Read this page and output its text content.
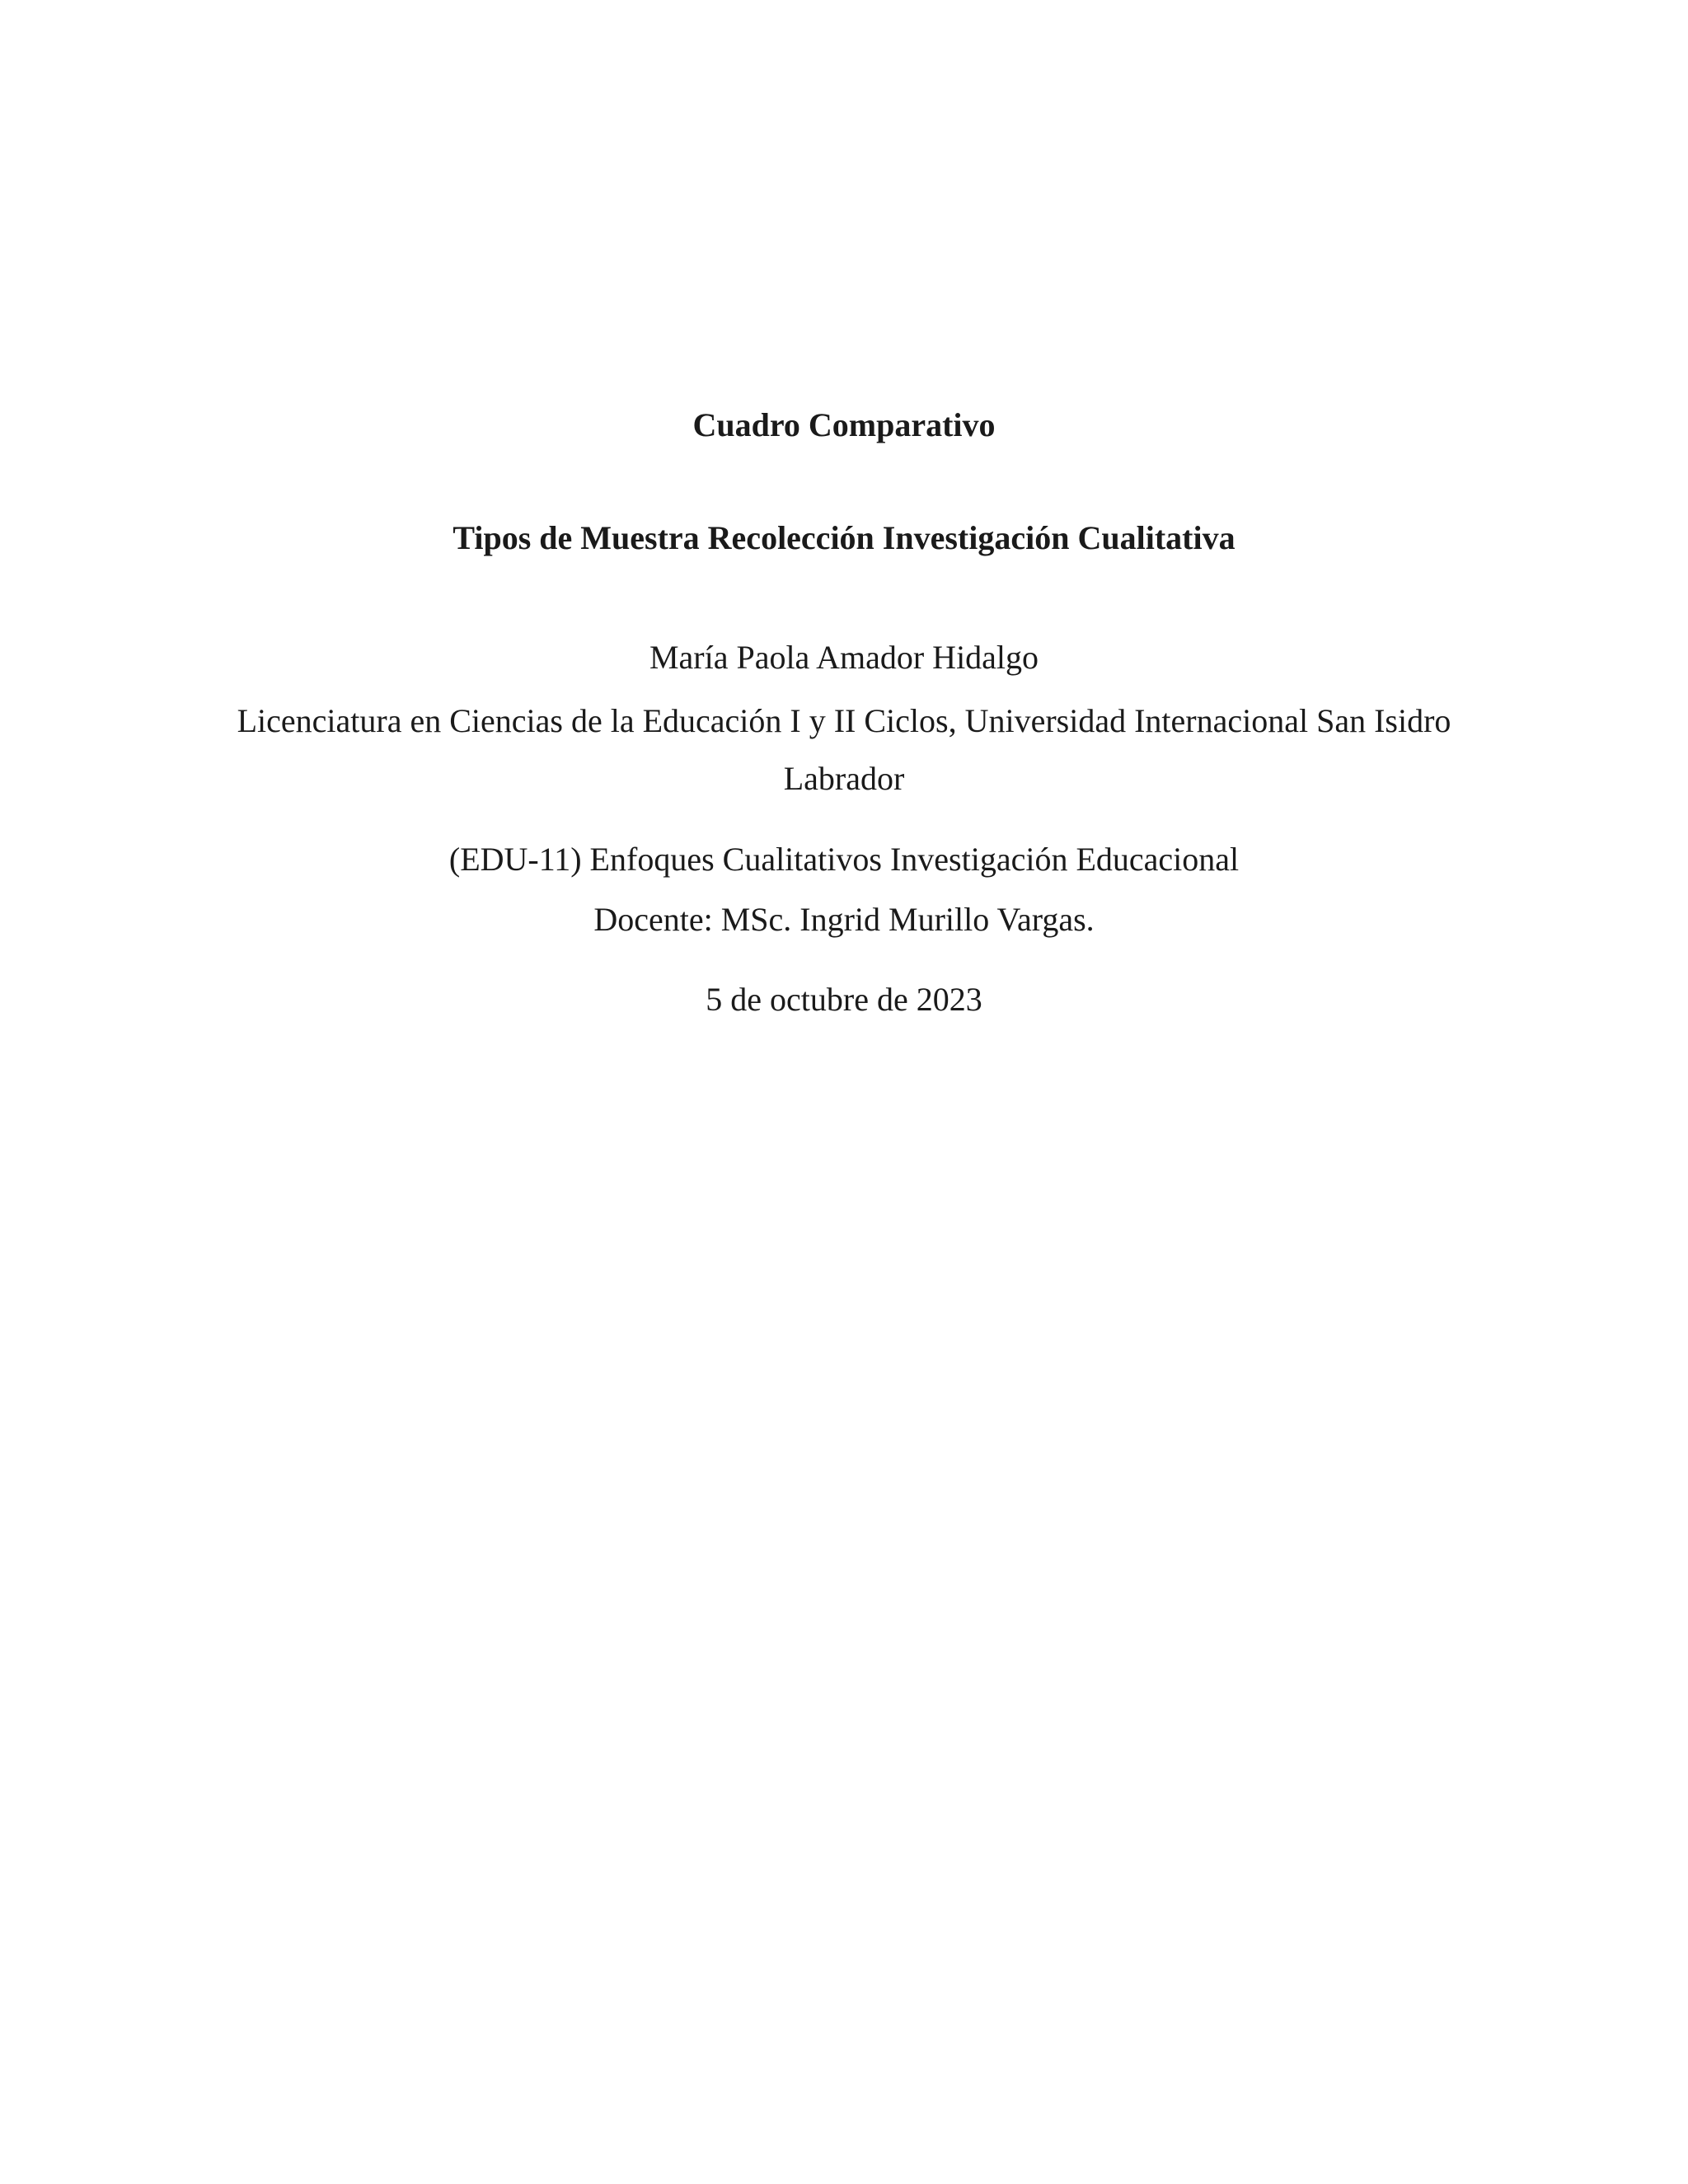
Cuadro Comparativo
Tipos de Muestra Recolección Investigación Cualitativa
María Paola Amador Hidalgo
Licenciatura en Ciencias de la Educación I y II Ciclos, Universidad Internacional San Isidro Labrador
(EDU-11) Enfoques Cualitativos Investigación Educacional
Docente: MSc. Ingrid Murillo Vargas.
5 de octubre de 2023
